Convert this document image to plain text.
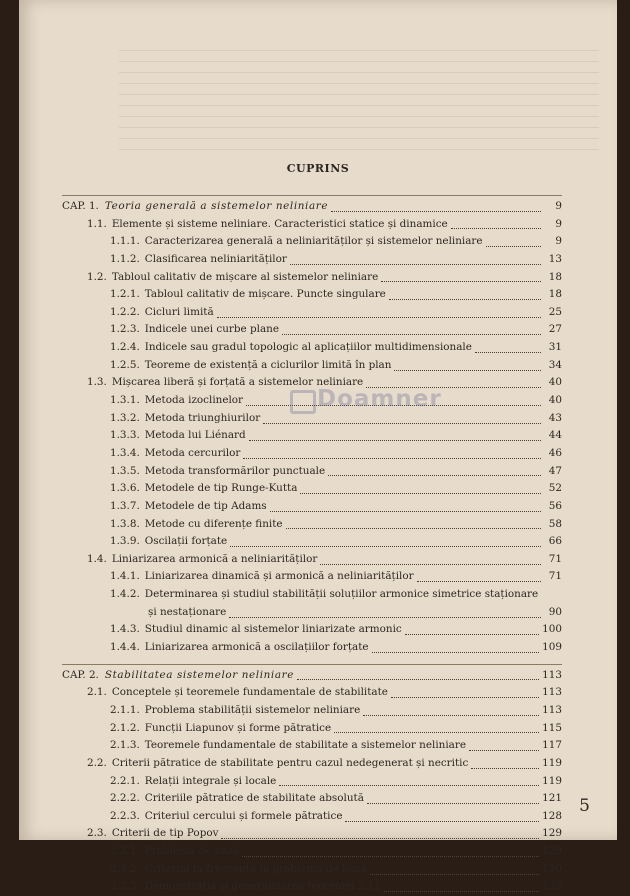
CUPRINS
CAP. 1. Teoria generală a sistemelor neliniare	9
1.1. Elemente și sisteme neliniare. Caracteristici statice și dinamice	9
1.1.1. Caracterizarea generală a neliniarităților și sistemelor neliniare	9
1.1.2. Clasificarea neliniarităților	13
1.2. Tabloul calitativ de mișcare al sistemelor neliniare	18
1.2.1. Tabloul calitativ de mișcare. Puncte singulare	18
1.2.2. Cicluri limită	25
1.2.3. Indicele unei curbe plane	27
1.2.4. Indicele sau gradul topologic al aplicațiilor multidimensionale	31
1.2.5. Teoreme de existență a ciclurilor limită în plan	34
1.3. Mișcarea liberă și forțată a sistemelor neliniare	40
1.3.1. Metoda izoclinelor	40
1.3.2. Metoda triunghiurilor	43
1.3.3. Metoda lui Liénard	44
1.3.4. Metoda cercurilor	46
1.3.5. Metoda transformărilor punctuale	47
1.3.6. Metodele de tip Runge-Kutta	52
1.3.7. Metodele de tip Adams	56
1.3.8. Metode cu diferențe finite	58
1.3.9. Oscilații forțate	66
1.4. Liniarizarea armonică a neliniarităților	71
1.4.1. Liniarizarea dinamică și armonică a neliniarităților	71
1.4.2. Determinarea și studiul stabilității soluțiilor armonice simetrice staționare
și nestaționare	90
1.4.3. Studiul dinamic al sistemelor liniarizate armonic	100
1.4.4. Liniarizarea armonică a oscilațiilor forțate	109
CAP. 2. Stabilitatea sistemelor neliniare	113
2.1. Conceptele și teoremele fundamentale de stabilitate	113
2.1.1. Problema stabilității sistemelor neliniare	113
2.1.2. Funcții Liapunov și forme pătratice	115
2.1.3. Teoremele fundamentale de stabilitate a sistemelor neliniare	117
2.2. Criterii pătratice de stabilitate pentru cazul nedegenerat și necritic	119
2.2.1. Relații integrale și locale	119
2.2.2. Criteriile pătratice de stabilitate absolută	121
2.2.3. Criteriul cercului și formele pătratice	128
2.3. Criterii de tip Popov	129
2.3.1. Problema de bază	129
2.3.2. Criteriul în frecvență în problema de bază	130
2.3.3. Demonstrația și generalizarea teoremei 2.11	132
Doamner
5
